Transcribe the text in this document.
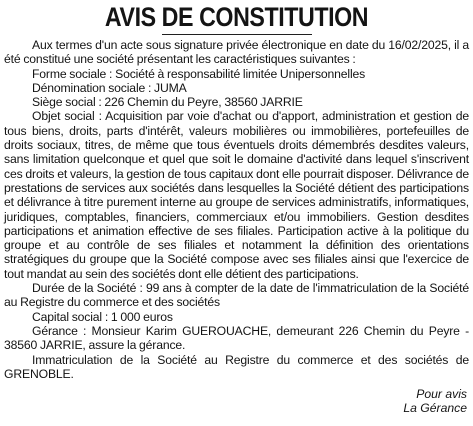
AVIS DE CONSTITUTION

Aux termes d'un acte sous signature privée électronique en date du 16/02/2025, il a été constitué une société présentant les caractéristiques suivantes :

Forme sociale : Société à responsabilité limitée Unipersonnelles

Dénomination sociale : JUMA

Siège social : 226 Chemin du Peyre, 38560 JARRIE

Objet social : Acquisition par voie d'achat ou d'apport, administration et gestion de tous biens, droits, parts d'intérêt, valeurs mobilières ou immobilières, portefeuilles de droits sociaux, titres, de même que tous éventuels droits démembrés desdites valeurs, sans limitation quelconque et quel que soit le domaine d'activité dans lequel s'inscrivent ces droits et valeurs, la gestion de tous capitaux dont elle pourrait disposer. Délivrance de prestations de services aux sociétés dans lesquelles la Société détient des participations et délivrance à titre purement interne au groupe de services administratifs, informatiques, juridiques, comptables, financiers, commerciaux et/ou immobiliers. Gestion desdites participations et animation effective de ses filiales. Participation active à la politique du groupe et au contrôle de ses filiales et notamment la définition des orientations stratégiques du groupe que la Société compose avec ses filiales ainsi que l'exercice de tout mandat au sein des sociétés dont elle détient des participations.

Durée de la Société : 99 ans à compter de la date de l'immatriculation de la Société au Registre du commerce et des sociétés

Capital social : 1 000 euros

Gérance : Monsieur Karim GUEROUACHE, demeurant 226 Chemin du Peyre - 38560 JARRIE, assure la gérance.

Immatriculation de la Société au Registre du commerce et des sociétés de GRENOBLE.

Pour avis
La Gérance
